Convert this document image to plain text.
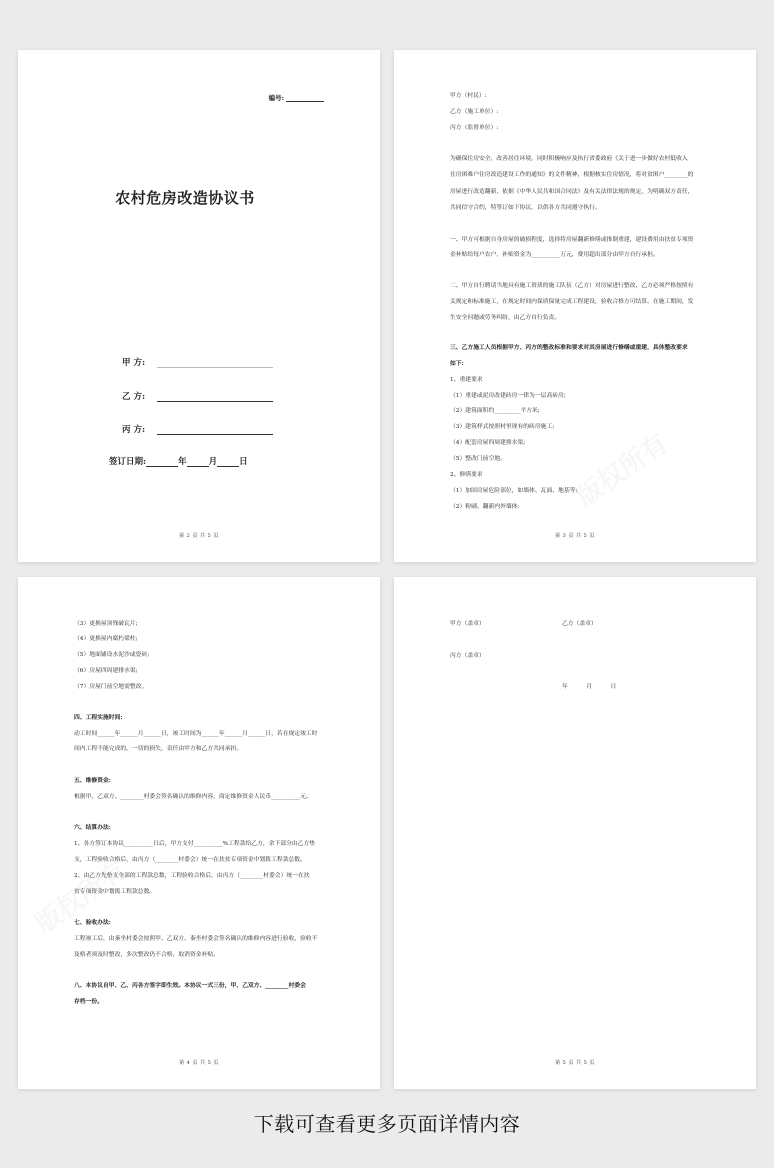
编号:
农村危房改造协议书
甲 方:
乙 方:
丙 方:
签订日期:	年	月	日
第 2 页 共 5 页
甲方（村民）:
乙方（施工单位）:
丙方（监督单位）:
为确保住房安全，改善居住环境，同时积极响应及执行省委政府《关于进一步做好农村低收入
住房困难户住房改造建设工作的通知》的文件精神，根据核实住房情况，将对贫困户________的
房屋进行改造翻新，依据《中华人民共和国合同法》及有关法律法规的规定，为明确双方责任，
共同信守合约，特签订如下协议，以供各方共同遵守执行。
一、甲方可根据自身房屋的破损程度，选择将房屋翻新修缮或推倒重建，建设费用由扶贫专项资
金补贴给每户农户，补贴资金为__________万元，费用超出部分由甲方自行承担。
二、甲方自行聘请当地具有施工资质的施工队伍（乙方）对房屋进行整改，乙方必须严格按照有
关规定和标准施工，在规定时间内保质保量完成工程建设，验收合格方可结算。在施工期间，发
生安全问题或劳务纠纷，由乙方自行负责。
三、乙方施工人员根据甲方、丙方的整改标准和要求对其房屋进行修缮或重建，具体整改要求
如下:
1、重建要求
（1）重建或泥房改建砖房一律为一层高砖房;
（2）建筑面积约_________平方米;
（3）建筑样式按照村里现有的砖房施工;
（4）配套房屋四周建排水渠;
（5）整改门前空地。
2、修缮要求
（1）加固房屋危险部位，如墙体、瓦面、地基等;
（2）粉刷、翻新内外墙体;
第 3 页 共 5 页
（3）更换屋顶残破瓦片;
（4）更换屋内腐朽梁柱;
（5）地面铺设水泥沙或瓷砖;
（6）房屋四周建排水渠;
（7）房屋门前空地需整改。
四、工程实施时间:
动工时间______年______月______日，竣工时间为______年______月______日，若在规定竣工时
间内工程不能完成的，一切的损失，责任由甲方和乙方共同承担。
五、维修资金:
根据甲、乙双方、________村委会签名确认的维修内容，商定维修资金人民币__________元。
六、结算办法:
1、各方签订本协议__________日后，甲方支付__________%工程款给乙方，余下部分由乙方垫
支，工程验收合格后，由丙方（________村委会）统一在扶贫专项资金中划拨工程款总数。
2、由乙方先垫支全部的工程款总数，工程验收合格后，由丙方（________村委会）统一在扶
贫专项资金中划拨工程款总数。
七、验收办法:
工程竣工后，由秦坐村委会按照甲、乙双方、秦坐村委会签名确认的维修内容进行验收，验收不
及格者须及时整改，多次整改仍不合格，取消资金补贴。
八、本协议自甲、乙、丙各方签字即生效。本协议一式三份，甲、乙双方、________村委会
存档一份。
第 4 页 共 5 页
甲方（盖章）	乙方（盖章）
丙方（盖章）
年          月          日
第 5 页 共 5 页
下载可查看更多页面详情内容
